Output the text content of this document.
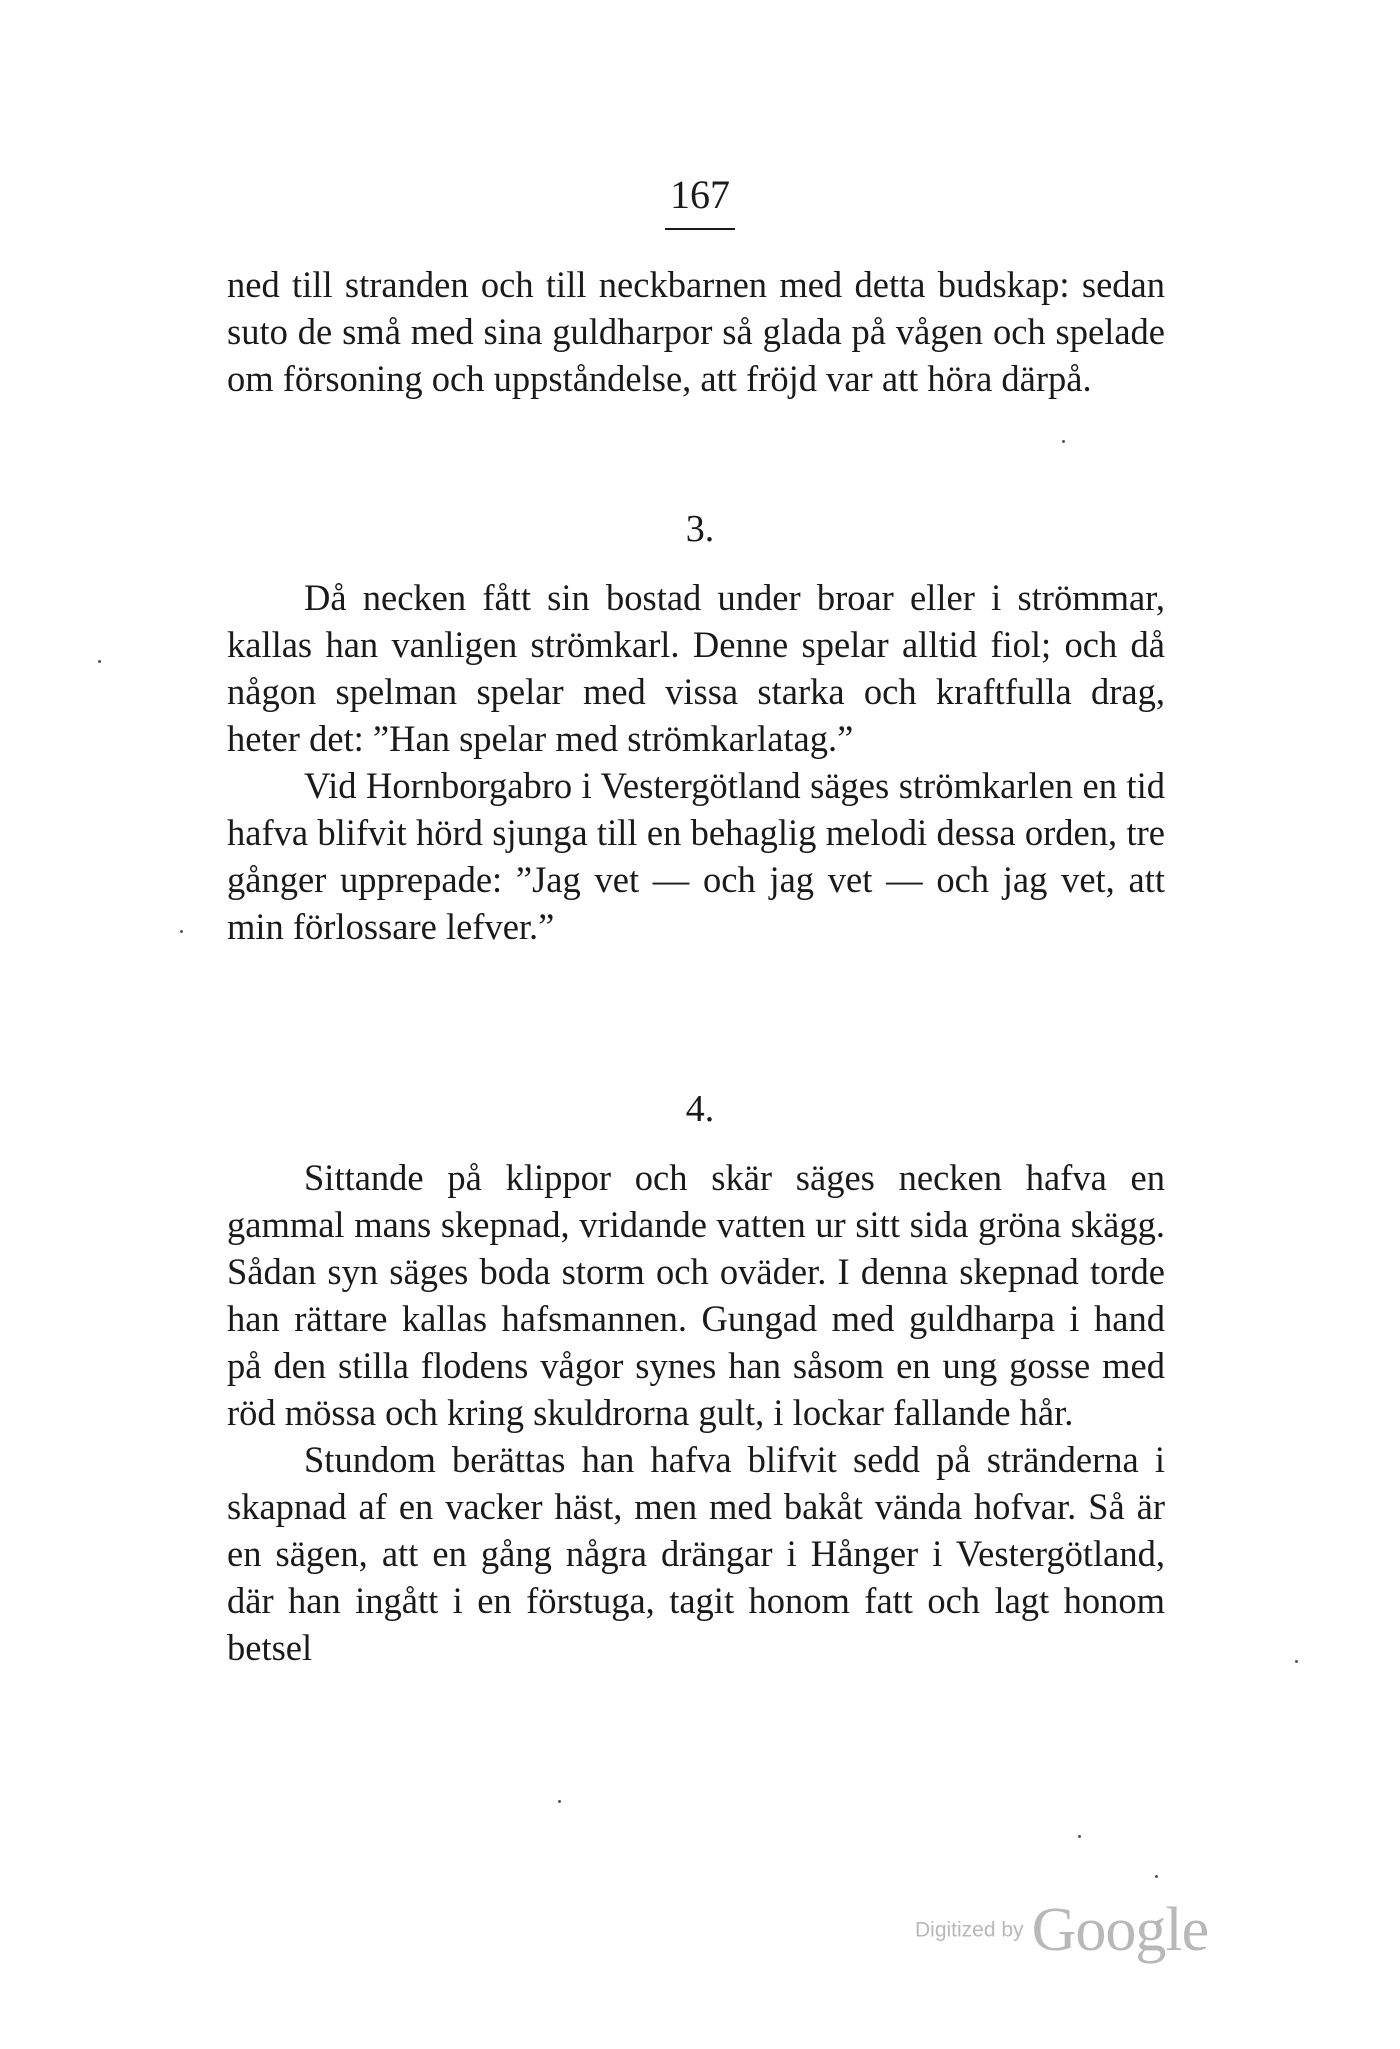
167

ned till stranden och till neckbarnen med detta budskap: sedan suto de små med sina guldharpor så glada på vågen och spelade om försoning och uppståndelse, att fröjd var att höra därpå.

3.

Då necken fått sin bostad under broar eller i strömmar, kallas han vanligen strömkarl. Denne spelar alltid fiol; och då någon spelman spelar med vissa starka och kraftfulla drag, heter det: ”Han spelar med strömkarlatag.”

Vid Hornborgabro i Vestergötland säges strömkarlen en tid hafva blifvit hörd sjunga till en behaglig melodi dessa orden, tre gånger upprepade: ”Jag vet — och jag vet — och jag vet, att min förlossare lefver.”

4.

Sittande på klippor och skär säges necken hafva en gammal mans skepnad, vridande vatten ur sitt sida gröna skägg. Sådan syn säges boda storm och oväder. I denna skepnad torde han rättare kallas hafsmannen. Gungad med guldharpa i hand på den stilla flodens vågor synes han såsom en ung gosse med röd mössa och kring skuldrorna gult, i lockar fallande hår.

Stundom berättas han hafva blifvit sedd på stränderna i skapnad af en vacker häst, men med bakåt vända hofvar. Så är en sägen, att en gång några drängar i Hånger i Vestergötland, där han ingått i en förstuga, tagit honom fatt och lagt honom betsel

Digitized by Google
